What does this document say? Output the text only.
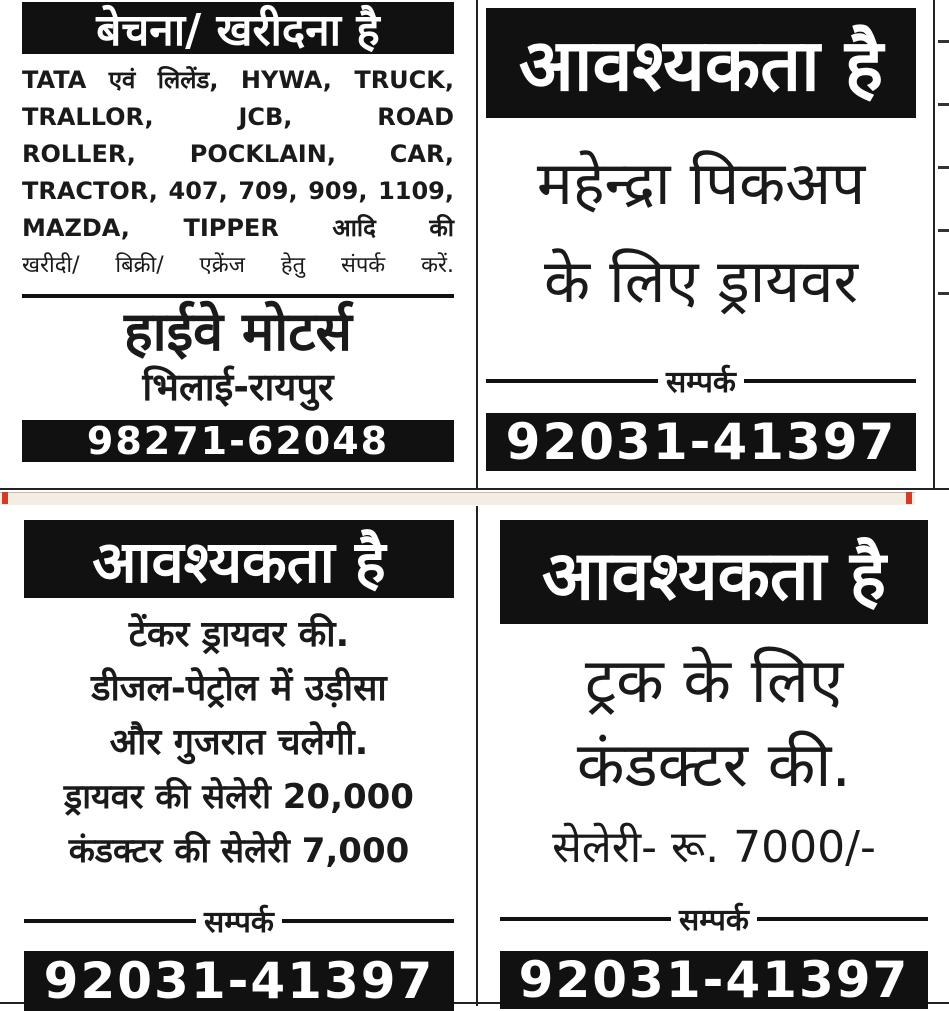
बेचना/ खरीदना है
TATA एवं लिलेंड, HYWA, TRUCK,
TRALLOR, JCB, ROAD
ROLLER, POCKLAIN, CAR,
TRACTOR, 407, 709, 909, 1109,
MAZDA, TIPPER आदि की
खरीदी/ बिक्री/ एक्रेंज हेतु संपर्क करें.
हाईवे मोटर्स
भिलाई-रायपुर
98271-62048
आवश्यकता है
महेन्द्रा पिकअप
के लिए ड्रायवर
सम्पर्क
92031-41397
आवश्यकता है
टेंकर ड्रायवर की.
डीजल-पेट्रोल में उड़ीसा
और गुजरात चलेगी.
ड्रायवर की सेलेरी 20,000
कंडक्टर की सेलेरी 7,000
सम्पर्क
92031-41397
आवश्यकता है
ट्रक के लिए
कंडक्टर की.
सेलेरी- रू. 7000/-
सम्पर्क
92031-41397
